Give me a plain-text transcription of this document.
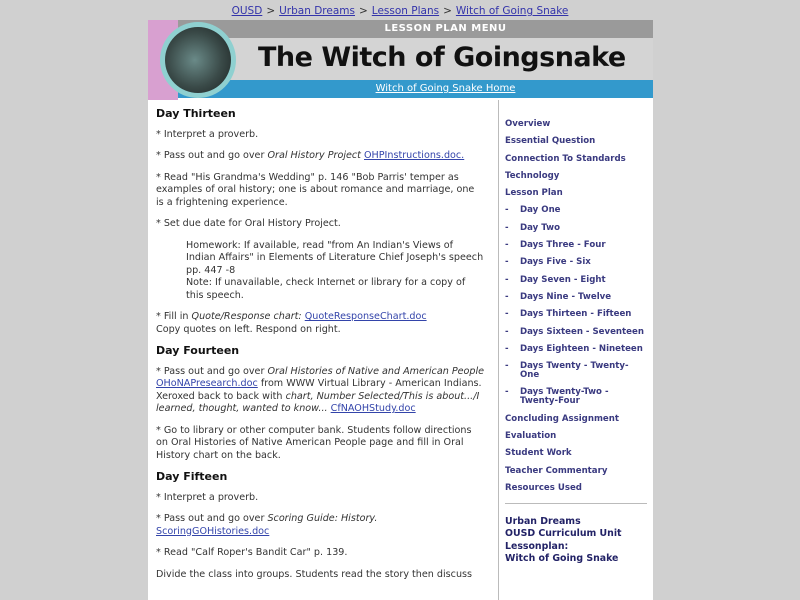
OUSD > Urban Dreams > Lesson Plans > Witch of Going Snake
LESSON PLAN MENU
The Witch of Goingsnake
Witch of Going Snake Home
Day Thirteen

* Interpret a proverb.

* Pass out and go over Oral History Project OHPInstructions.doc.

* Read "His Grandma's Wedding" p. 146 "Bob Parris' temper as examples of oral history; one is about romance and marriage, one is a frightening experience.

* Set due date for Oral History Project.

Homework: If available, read "from An Indian's Views of Indian Affairs" in Elements of Literature Chief Joseph's speech pp. 447 -8
Note: If unavailable, check Internet or library for a copy of this speech.

* Fill in Quote/Response chart: QuoteResponseChart.doc
Copy quotes on left. Respond on right.

Day Fourteen

* Pass out and go over Oral Histories of Native and American People
OHoNAPresearch.doc from WWW Virtual Library - American Indians. Xeroxed back to back with chart, Number Selected/This is about.../I learned, thought, wanted to know... CfNAOHStudy.doc

* Go to library or other computer bank. Students follow directions on Oral Histories of Native American People page and fill in Oral History chart on the back.

Day Fifteen

* Interpret a proverb.

* Pass out and go over Scoring Guide: History.
ScoringGOHistories.doc

* Read "Calf Roper's Bandit Car" p. 139.

Divide the class into groups. Students read the story then discuss

Overview
Essential Question
Connection To Standards
Technology
Lesson Plan
-	Day One
-	Day Two
-	Days Three - Four
-	Days Five - Six
-	Day Seven - Eight
-	Days Nine - Twelve
-	Days Thirteen - Fifteen
-	Days Sixteen - Seventeen
-	Days Eighteen - Nineteen
-	Days Twenty - Twenty-One
-	Days Twenty-Two - Twenty-Four
Concluding Assignment
Evaluation
Student Work
Teacher Commentary
Resources Used
Urban Dreams
OUSD Curriculum Unit
Lessonplan:
Witch of Going Snake
